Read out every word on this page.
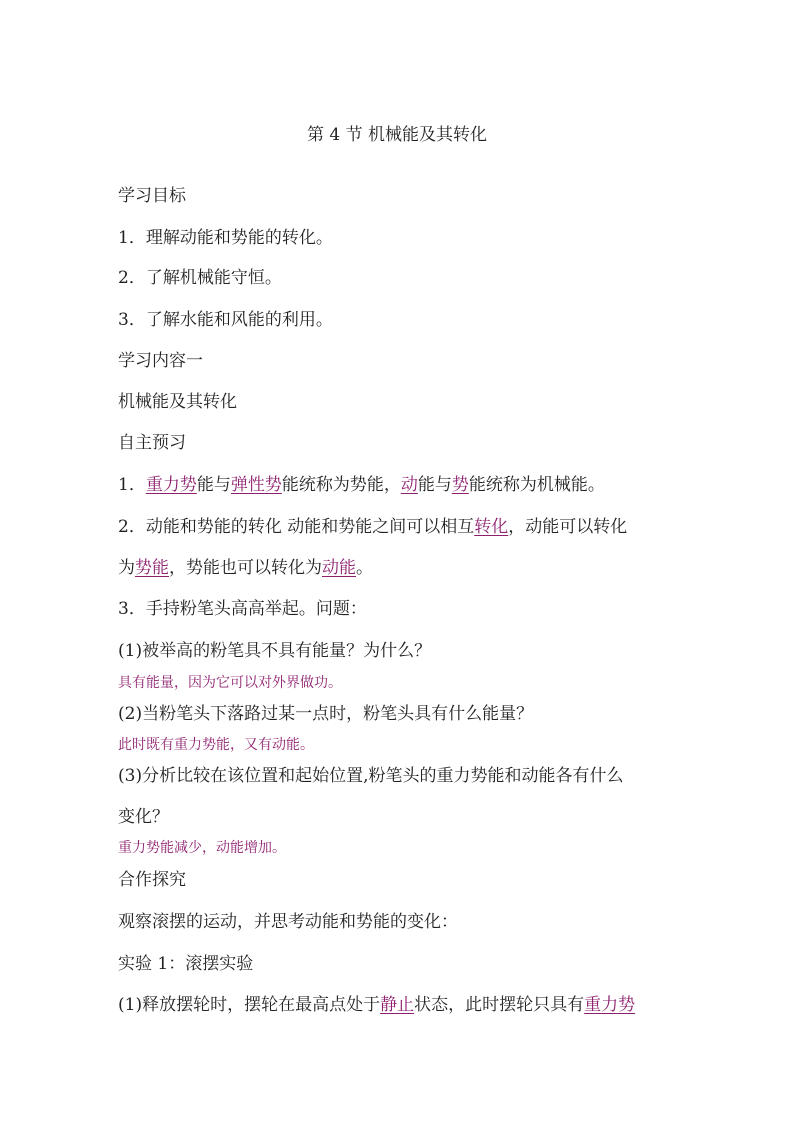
第 4 节 机械能及其转化
学习目标
1．理解动能和势能的转化。
2．了解机械能守恒。
3．了解水能和风能的利用。
学习内容一
机械能及其转化
自主预习
1．重力势能与弹性势能统称为势能，动能与势能统称为机械能。
2．动能和势能的转化 动能和势能之间可以相互转化，动能可以转化
为势能，势能也可以转化为动能。
3．手持粉笔头高高举起。问题：
(1)被举高的粉笔具不具有能量？为什么？
具有能量，因为它可以对外界做功。
(2)当粉笔头下落路过某一点时，粉笔头具有什么能量？
此时既有重力势能，又有动能。
(3)分析比较在该位置和起始位置,粉笔头的重力势能和动能各有什么
变化？
重力势能减少，动能增加。
合作探究
观察滚摆的运动，并思考动能和势能的变化：
实验 1：滚摆实验
(1)释放摆轮时，摆轮在最高点处于静止状态，此时摆轮只具有重力势
